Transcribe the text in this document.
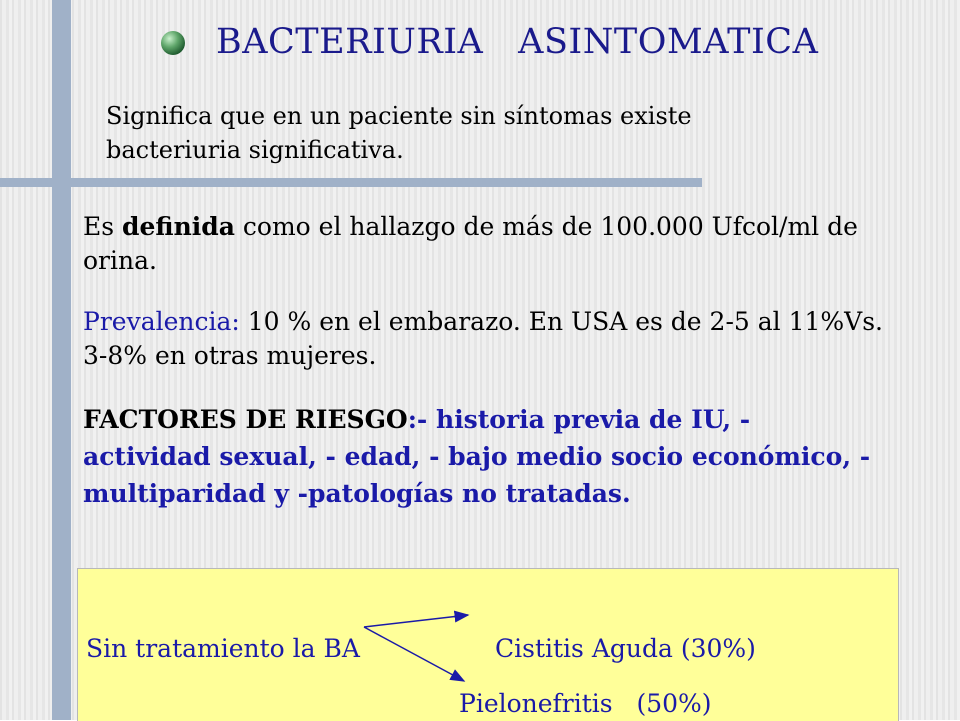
BACTERIURIA   ASINTOMATICA
Significa que en un paciente sin síntomas existe
bacteriuria significativa.
Es definida como el hallazgo de más de 100.000 Ufcol/ml de orina.
Prevalencia: 10 % en el embarazo. En USA es de 2-5 al 11%Vs. 3-8% en otras mujeres.
FACTORES DE RIESGO:- historia previa de IU, - actividad sexual, - edad, - bajo medio socio económico, -multiparidad y -patologías no tratadas.
Sin tratamiento la BA	Cistitis Aguda (30%)
Pielonefritis   (50%)
